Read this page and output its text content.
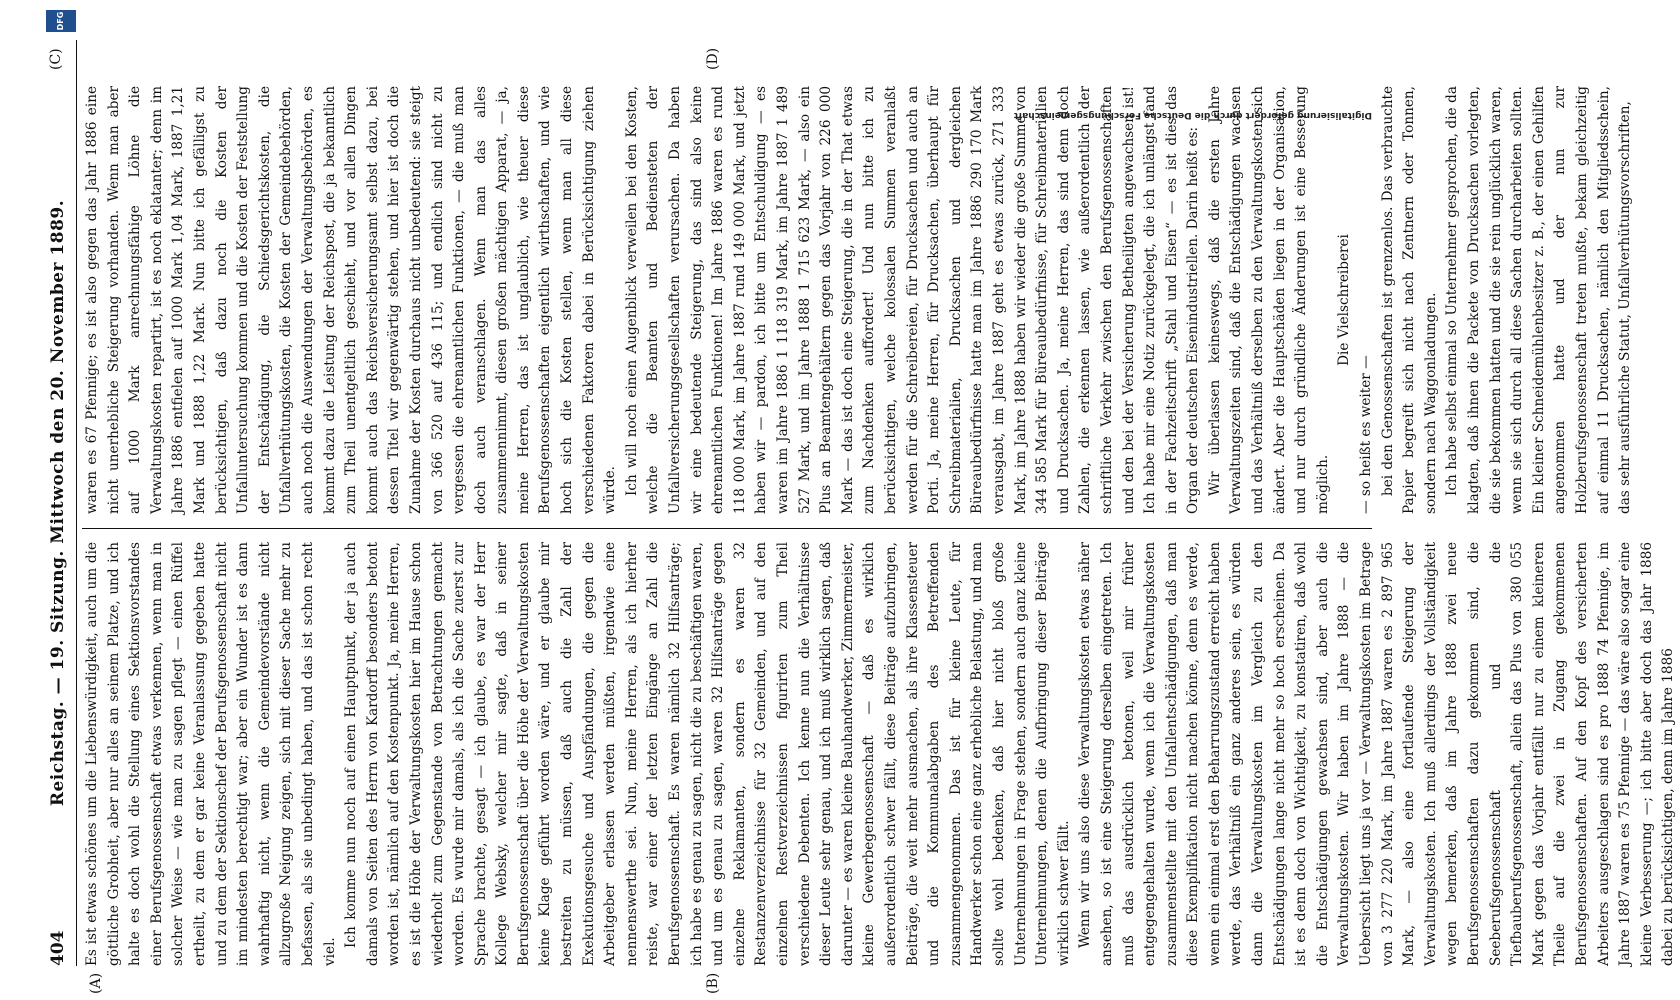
404
Reichstag. — 19. Sitzung. Mittwoch den 20. November 1889.
(A)	(B)
(C)	(D)

Es ist etwas schönes um die Liebenswürdigkeit, auch um die göttliche Grobheit, aber nur alles an seinem Platze, und ich halte es doch wohl die Stellung eines Sektionsvorstandes einer Berufsgenossenschaft etwas verkennen, wenn man in solcher Weise — wie man zu sagen pflegt — einen Rüffel ertheilt, zu dem er gar keine Veranlassung gegeben hatte und zu dem der Sektionschef der Berufsgenossenschaft nicht im mindesten berechtigt war; aber ein Wunder ist es dann wahrhaftig nicht, wenn die Gemeindevorstände nicht allzugroße Neigung zeigen, sich mit dieser Sache mehr zu befassen, als sie unbedingt haben, und das ist schon recht viel.

Ich komme nun noch auf einen Hauptpunkt, der ja auch damals von Seiten des Herrn von Kardorff besonders betont worden ist, nämlich auf den Kostenpunkt. Ja, meine Herren, es ist die Höhe der Verwaltungskosten hier im Hause schon wiederholt zum Gegenstande von Betrachtungen gemacht worden. Es wurde mir damals, als ich die Sache zuerst zur Sprache brachte, gesagt — ich glaube, es war der Herr Kollege Websky, welcher mir sagte, daß in seiner Berufsgenossenschaft über die Höhe der Verwaltungskosten keine Klage geführt worden wäre, und er glaube mir bestreiten zu müssen, daß auch die Zahl der Exekutionsgesuche und Auspfändungen, die gegen die Arbeitgeber erlassen werden müßten, irgendwie eine nennenswerthe sei. Nun, meine Herren, als ich hierher reiste, war einer der letzten Eingänge an Zahl die Berufsgenossenschaft. Es waren nämlich 32 Hilfsanträge; ich habe es genau zu sagen, nicht die zu beschäftigen waren, und um es genau zu sagen, waren 32 Hilfsanträge gegen einzelne Reklamanten, sondern es waren 32 Restanzenverzeichnisse für 32 Gemeinden, und auf den einzelnen Restverzeichnissen figurirten zum Theil verschiedene Debenten. Ich kenne nun die Verhältnisse dieser Leute sehr genau, und ich muß wirklich sagen, daß darunter — es waren kleine Bauhandwerker, Zimmermeister, kleine Gewerbegenossenschaft — daß es wirklich außerordentlich schwer fällt, diese Beiträge aufzubringen, Beiträge, die weit mehr ausmachen, als ihre Klassensteuer und die Kommunalabgaben des Betreffenden zusammengenommen. Das ist für kleine Leute, für Handwerker schon eine ganz erhebliche Belastung, und man sollte wohl bedenken, daß hier nicht bloß große Unternehmungen in Frage stehen, sondern auch ganz kleine Unternehmungen, denen die Aufbringung dieser Beiträge wirklich schwer fällt. Wenn wir uns also diese Verwaltungskosten etwas näher ansehen, so ist eine Steigerung derselben eingetreten. Ich muß das ausdrücklich betonen, weil mir früher entgegengehalten wurde, wenn ich die Verwaltungskosten zusammenstellte mit den Unfallentschädigungen, daß man diese Exemplifikation nicht machen könne, denn es werde, wenn ein einmal erst den Beharrungszustand erreicht haben werde, das Verhältniß ein ganz anderes sein, es würden dann die Verwaltungskosten im Vergleich zu den Entschädigungen lange nicht mehr so hoch erscheinen. Da ist es denn doch von Wichtigkeit, zu konstatiren, daß wohl die Entschädigungen gewachsen sind, aber auch die Verwaltungskosten. Wir haben im Jahre 1888 — die Uebersicht liegt uns ja vor — Verwaltungskosten im Betrage von 3 277 220 Mark, im Jahre 1887 waren es 2 897 965 Mark, — also eine fortlaufende Steigerung der Verwaltungskosten. Ich muß allerdings der Vollständigkeit wegen bemerken, daß im Jahre 1888 zwei neue Berufsgenossenschaften dazu gekommen sind, die Seeberufsgenossenschaft und die Tiefbauberufsgenossenschaft, allein das Plus von 380 055 Mark gegen das Vorjahr entfällt nur zu einem kleineren Theile auf die zwei in Zugang gekommenen Berufsgenossenschaften. Auf den Kopf des versicherten Arbeiters ausgeschlagen sind es pro 1888 74 Pfennige, im Jahre 1887 waren es 75 Pfennige — das wäre also sogar eine kleine Verbesserung —; ich bitte aber doch das Jahr 1886 dabei zu berücksichtigen, denn im Jahre 1886

waren es 67 Pfennige; es ist also gegen das Jahr 1886 eine nicht unerhebliche Steigerung vorhanden. Wenn man aber auf 1000 Mark anrechnungsfähige Löhne die Verwaltungskosten repartirt, ist es noch eklatanter; denn im Jahre 1886 entfielen auf 1000 Mark 1,04 Mark, 1887 1,21 Mark und 1888 1,22 Mark. Nun bitte ich gefälligst zu berücksichtigen, daß dazu noch die Kosten der Unfalluntersuchung kommen und die Kosten der Feststellung der Entschädigung, die Schiedsgerichtskosten, die Unfallverhütungskosten, die Kosten der Gemeindebehörden, auch noch die Auswendungen der Verwaltungsbehörden, es kommt dazu die Leistung der Reichspost, die ja bekanntlich zum Theil unentgeltlich geschieht, und vor allen Dingen kommt auch das Reichsversicherungsamt selbst dazu, bei dessen Titel wir gegenwärtig stehen, und hier ist doch die Zunahme der Kosten durchaus nicht unbedeutend: sie steigt von 366 520 auf 436 115; und endlich sind nicht zu vergessen die ehrenamtlichen Funktionen, — die muß man doch auch veranschlagen. Wenn man das alles zusammennimmt, diesen großen mächtigen Apparat, — ja, meine Herren, das ist unglaublich, wie theuer diese Berufsgenossenschaften eigentlich wirthschaften, und wie hoch sich die Kosten stellen, wenn man all diese verschiedenen Faktoren dabei in Berücksichtigung ziehen würde. Ich will noch einen Augenblick verweilen bei den Kosten, welche die Beamten und Bediensteten der Unfallversicherungsgesellschaften verursachen. Da haben wir eine bedeutende Steigerung, das sind also keine ehrenamtlichen Funktionen! Im Jahre 1886 waren es rund 118 000 Mark, im Jahre 1887 rund 149 000 Mark, und jetzt haben wir — pardon, ich bitte um Entschuldigung — es waren im Jahre 1886 1 118 319 Mark, im Jahre 1887 1 489 527 Mark, und im Jahre 1888 1 715 623 Mark, — also ein Plus an Beamtengehältern gegen das Vorjahr von 226 000 Mark — das ist doch eine Steigerung, die in der That etwas zum Nachdenken auffordert! Und nun bitte ich zu berücksichtigen, welche kolossalen Summen veranlaßt werden für die Schreibereien, für Drucksachen und auch an Porti. Ja, meine Herren, für Drucksachen, überhaupt für Schreibmaterialien, Drucksachen und dergleichen Büreaubedürfnisse hatte man im Jahre 1886 290 170 Mark verausgabt, im Jahre 1887 geht es etwas zurück, 271 333 Mark, im Jahre 1888 haben wir wieder die große Summe von 344 585 Mark für Büreaubedürfnisse, für Schreibmaterialien und Drucksachen. Ja, meine Herren, das sind denn doch Zahlen, die erkennen lassen, wie außerordentlich der schriftliche Verkehr zwischen den Berufsgenossenschaften und den bei der Versicherung Betheiligten angewachsen ist! Ich habe mir eine Notiz zurückgelegt, die ich unlängst fand in der Fachzeitschrift „Stahl und Eisen“ — es ist dies das Organ der deutschen Eisenindustriellen. Darin heißt es: Wir überlassen keineswegs, daß die ersten Jahre Verwaltungszeiten sind, daß die Entschädigungen wachsen und das Verhältniß derselben zu den Verwaltungskosten sich ändert. Aber die Hauptschäden liegen in der Organisation, und nur durch gründliche Änderungen ist eine Besserung möglich.

Die Vielschreiberei

— so heißt es weiter — bei den Genossenschaften ist grenzenlos. Das verbrauchte Papier begreift sich nicht nach Zentnern oder Tonnen, sondern nach Waggonladungen. Ich habe selbst einmal so Unternehmer gesprochen, die da klagten, daß ihnen die Packete von Drucksachen vorlegten, die sie bekommen hatten und die sie rein unglücklich waren, wenn sie sich durch all diese Sachen durcharbeiten sollten. Ein kleiner Schneidemühlenbesitzer z. B., der einen Gehilfen angenommen hatte und der nun zur Holzberufsgenossenschaft treten mußte, bekam gleichzeitig auf einmal 11 Drucksachen, nämlich den Mitgliedsschein, das sehr ausführliche Statut, Unfallverhütungsvorschriften,

Digitalisierung gefördert durch die Deutsche Forschungsgemeinschaft
DFG
